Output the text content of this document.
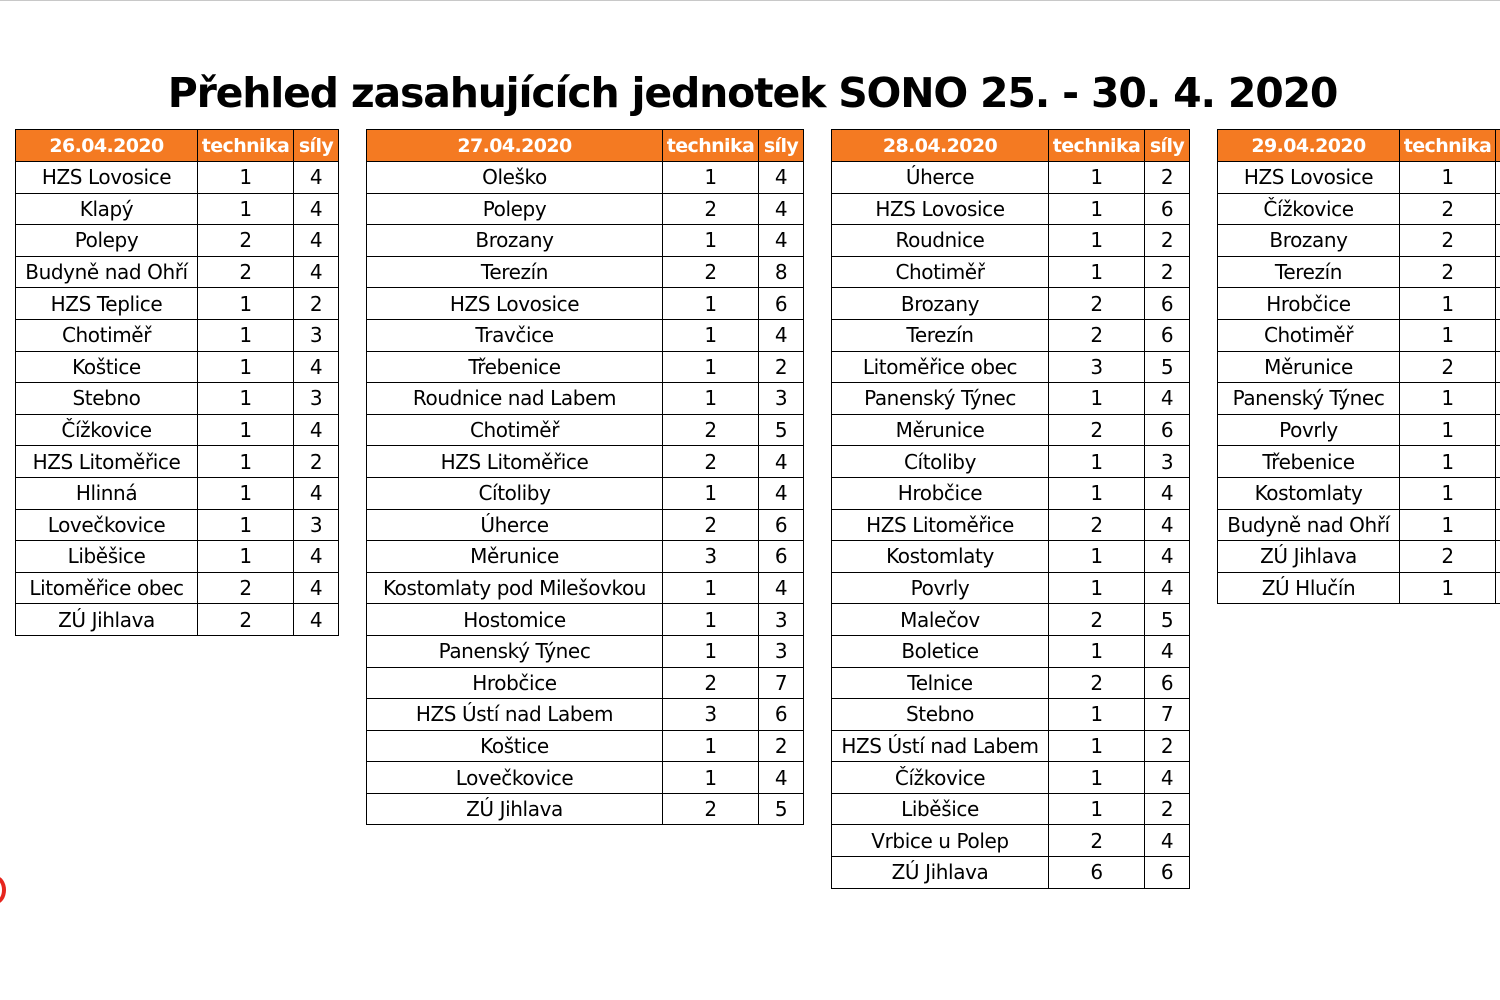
Přehled zasahujících jednotek SONO 25. - 30. 4. 2020
26.04.2020	technika	síly
HZS Lovosice	1	4
Klapý	1	4
Polepy	2	4
Budyně nad Ohří	2	4
HZS Teplice	1	2
Chotiměř	1	3
Koštice	1	4
Stebno	1	3
Čížkovice	1	4
HZS Litoměřice	1	2
Hlinná	1	4
Lovečkovice	1	3
Liběšice	1	4
Litoměřice obec	2	4
ZÚ Jihlava	2	4
27.04.2020	technika	síly
Oleško	1	4
Polepy	2	4
Brozany	1	4
Terezín	2	8
HZS Lovosice	1	6
Travčice	1	4
Třebenice	1	2
Roudnice nad Labem	1	3
Chotiměř	2	5
HZS Litoměřice	2	4
Cítoliby	1	4
Úherce	2	6
Měrunice	3	6
Kostomlaty pod Milešovkou	1	4
Hostomice	1	3
Panenský Týnec	1	3
Hrobčice	2	7
HZS Ústí nad Labem	3	6
Koštice	1	2
Lovečkovice	1	4
ZÚ Jihlava	2	5
28.04.2020	technika	síly
Úherce	1	2
HZS Lovosice	1	6
Roudnice	1	2
Chotiměř	1	2
Brozany	2	6
Terezín	2	6
Litoměřice obec	3	5
Panenský Týnec	1	4
Měrunice	2	6
Cítoliby	1	3
Hrobčice	1	4
HZS Litoměřice	2	4
Kostomlaty	1	4
Povrly	1	4
Malečov	2	5
Boletice	1	4
Telnice	2	6
Stebno	1	7
HZS Ústí nad Labem	1	2
Čížkovice	1	4
Liběšice	1	2
Vrbice u Polep	2	4
ZÚ Jihlava	6	6
29.04.2020	technika	
HZS Lovosice	1	
Čížkovice	2	
Brozany	2	
Terezín	2	
Hrobčice	1	
Chotiměř	1	
Měrunice	2	
Panenský Týnec	1	
Povrly	1	
Třebenice	1	
Kostomlaty	1	
Budyně nad Ohří	1	
ZÚ Jihlava	2	
ZÚ Hlučín	1	
